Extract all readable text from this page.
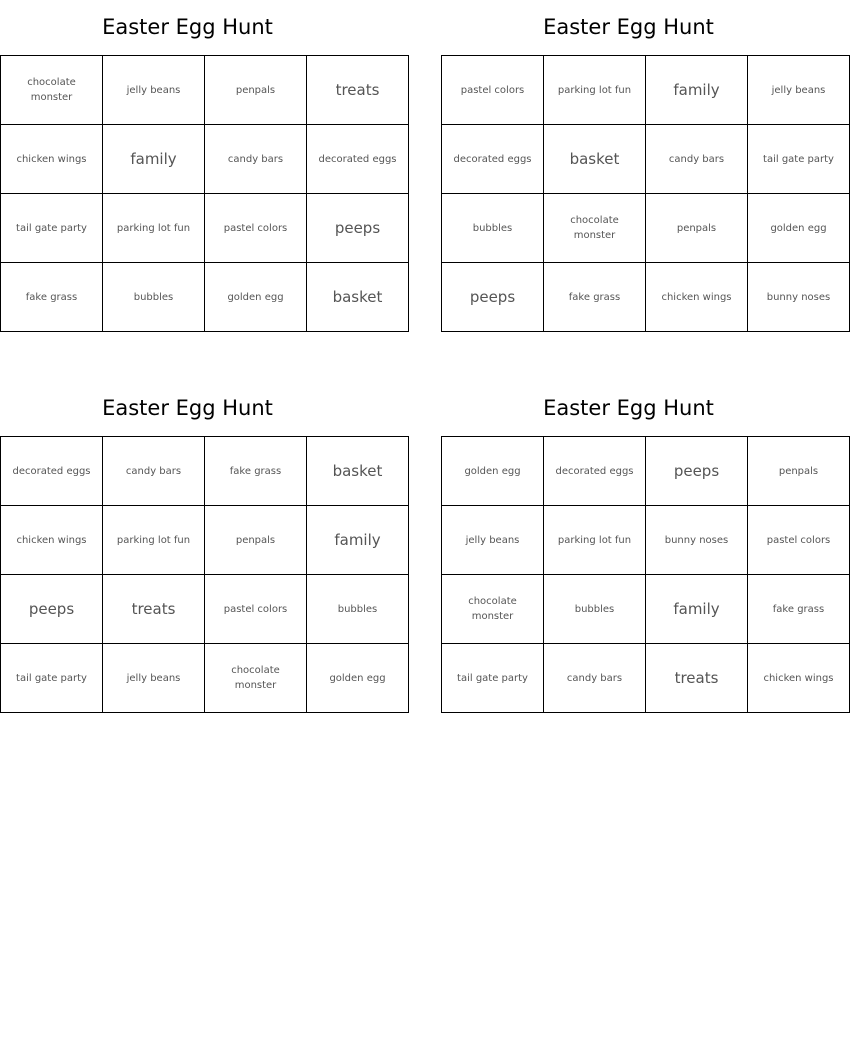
Easter Egg Hunt
chocolate monster	jelly beans	penpals	treats
chicken wings	family	candy bars	decorated eggs
tail gate party	parking lot fun	pastel colors	peeps
fake grass	bubbles	golden egg	basket
Easter Egg Hunt
pastel colors	parking lot fun	family	jelly beans
decorated eggs	basket	candy bars	tail gate party
bubbles	chocolate monster	penpals	golden egg
peeps	fake grass	chicken wings	bunny noses
Easter Egg Hunt
decorated eggs	candy bars	fake grass	basket
chicken wings	parking lot fun	penpals	family
peeps	treats	pastel colors	bubbles
tail gate party	jelly beans	chocolate monster	golden egg
Easter Egg Hunt
golden egg	decorated eggs	peeps	penpals
jelly beans	parking lot fun	bunny noses	pastel colors
chocolate monster	bubbles	family	fake grass
tail gate party	candy bars	treats	chicken wings
